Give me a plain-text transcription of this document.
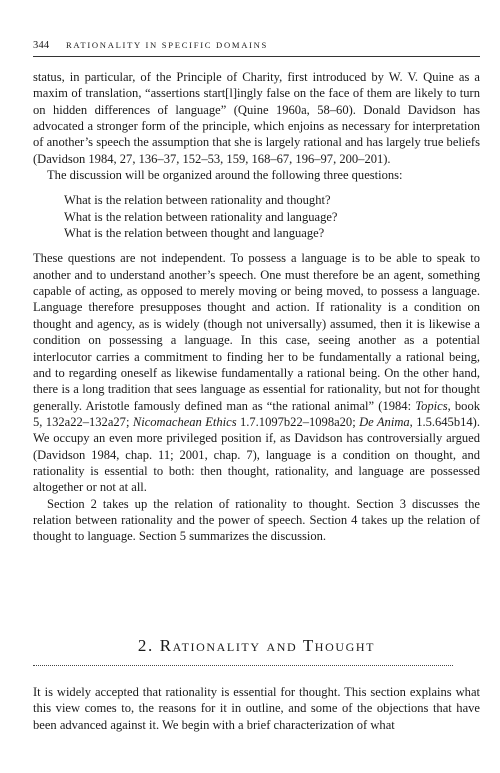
344 RATIONALITY IN SPECIFIC DOMAINS

status, in particular, of the Principle of Charity, first introduced by W. V. Quine as a maxim of translation, “assertions start[l]ingly false on the face of them are likely to turn on hidden differences of language” (Quine 1960a, 58–60). Donald Davidson has advocated a stronger form of the principle, which enjoins as necessary for interpretation of another’s speech the assumption that she is largely rational and has largely true beliefs (Davidson 1984, 27, 136–37, 152–53, 159, 168–67, 196–97, 200–201).

The discussion will be organized around the following three questions:

What is the relation between rationality and thought?
What is the relation between rationality and language?
What is the relation between thought and language?

These questions are not independent. To possess a language is to be able to speak to another and to understand another’s speech. One must therefore be an agent, something capable of acting, as opposed to merely moving or being moved, to possess a language. Language therefore presupposes thought and action. If rationality is a condition on thought and agency, as is widely (though not universally) assumed, then it is likewise a condition on possessing a language. In this case, seeing another as a potential interlocutor carries a commitment to finding her to be fundamentally a rational being, and to regarding oneself as likewise fundamentally a rational being. On the other hand, there is a long tradition that sees language as essential for rationality, but not for thought generally. Aristotle famously defined man as “the rational animal” (1984: Topics, book 5, 132a22–132a27; Nicomachean Ethics 1.7.1097b22–1098a20; De Anima, 1.5.645b14). We occupy an even more privileged position if, as Davidson has controversially argued (Davidson 1984, chap. 11; 2001, chap. 7), language is a condition on thought, and rationality is essential to both: then thought, rationality, and language are possessed altogether or not at all.

Section 2 takes up the relation of rationality to thought. Section 3 discusses the relation between rationality and the power of speech. Section 4 takes up the relation of thought to language. Section 5 summarizes the discussion.

2. Rationality and Thought

It is widely accepted that rationality is essential for thought. This section explains what this view comes to, the reasons for it in outline, and some of the objections that have been advanced against it. We begin with a brief characterization of what
